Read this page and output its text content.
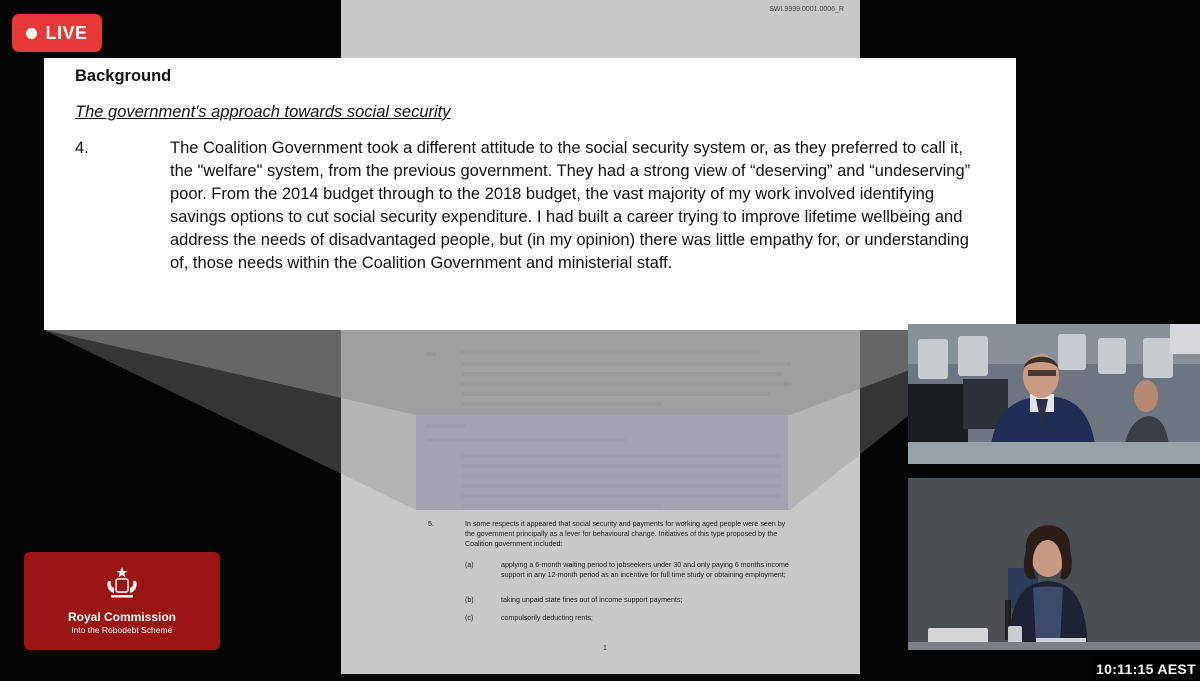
SWI.9999.0001.0006_R
5.	In some respects it appeared that social security and payments for working aged people were seen by the government principally as a lever for behavioural change. Initiatives of this type proposed by the Coalition government included:
(a)	applying a 6-month waiting period to jobseekers under 30 and only paying 6 months income support in any 12-month period as an incentive for full time study or obtaining employment;
(b)	taking unpaid state fines out of income support payments;
(c)	compulsorily deducting rents;
1
Background
The government's approach towards social security
4.	The Coalition Government took a different attitude to the social security system or, as they preferred to call it, the "welfare" system, from the previous government. They had a strong view of “deserving” and “undeserving” poor. From the 2014 budget through to the 2018 budget, the vast majority of my work involved identifying savings options to cut social security expenditure. I had built a career trying to improve lifetime wellbeing and address the needs of disadvantaged people, but (in my opinion) there was little empathy for, or understanding of, those needs within the Coalition Government and ministerial staff.
LIVE
Royal Commission
into the Robodebt Scheme
10:11:15 AEST
